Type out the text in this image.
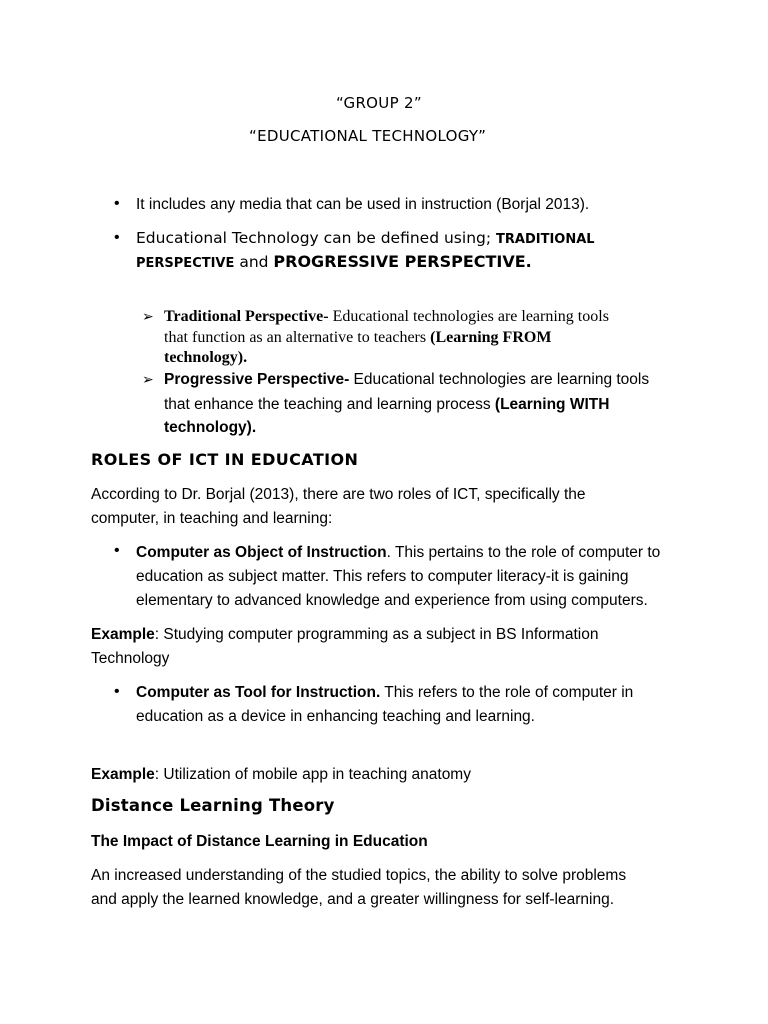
“GROUP 2”
“EDUCATIONAL TECHNOLOGY”
• It includes any media that can be used in instruction (Borjal 2013).
• Educational Technology can be defined using; TRADITIONAL
PERSPECTIVE and PROGRESSIVE PERSPECTIVE.
➢ Traditional Perspective- Educational technologies are learning tools
that function as an alternative to teachers (Learning FROM
technology).
➢ Progressive Perspective- Educational technologies are learning tools
that enhance the teaching and learning process (Learning WITH
technology).
ROLES OF ICT IN EDUCATION
According to Dr. Borjal (2013), there are two roles of ICT, specifically the
computer, in teaching and learning:
• Computer as Object of Instruction. This pertains to the role of computer to
education as subject matter. This refers to computer literacy-it is gaining
elementary to advanced knowledge and experience from using computers.
Example: Studying computer programming as a subject in BS Information
Technology
• Computer as Tool for Instruction. This refers to the role of computer in
education as a device in enhancing teaching and learning.
Example: Utilization of mobile app in teaching anatomy
Distance Learning Theory
The Impact of Distance Learning in Education
An increased understanding of the studied topics, the ability to solve problems
and apply the learned knowledge, and a greater willingness for self-learning.
